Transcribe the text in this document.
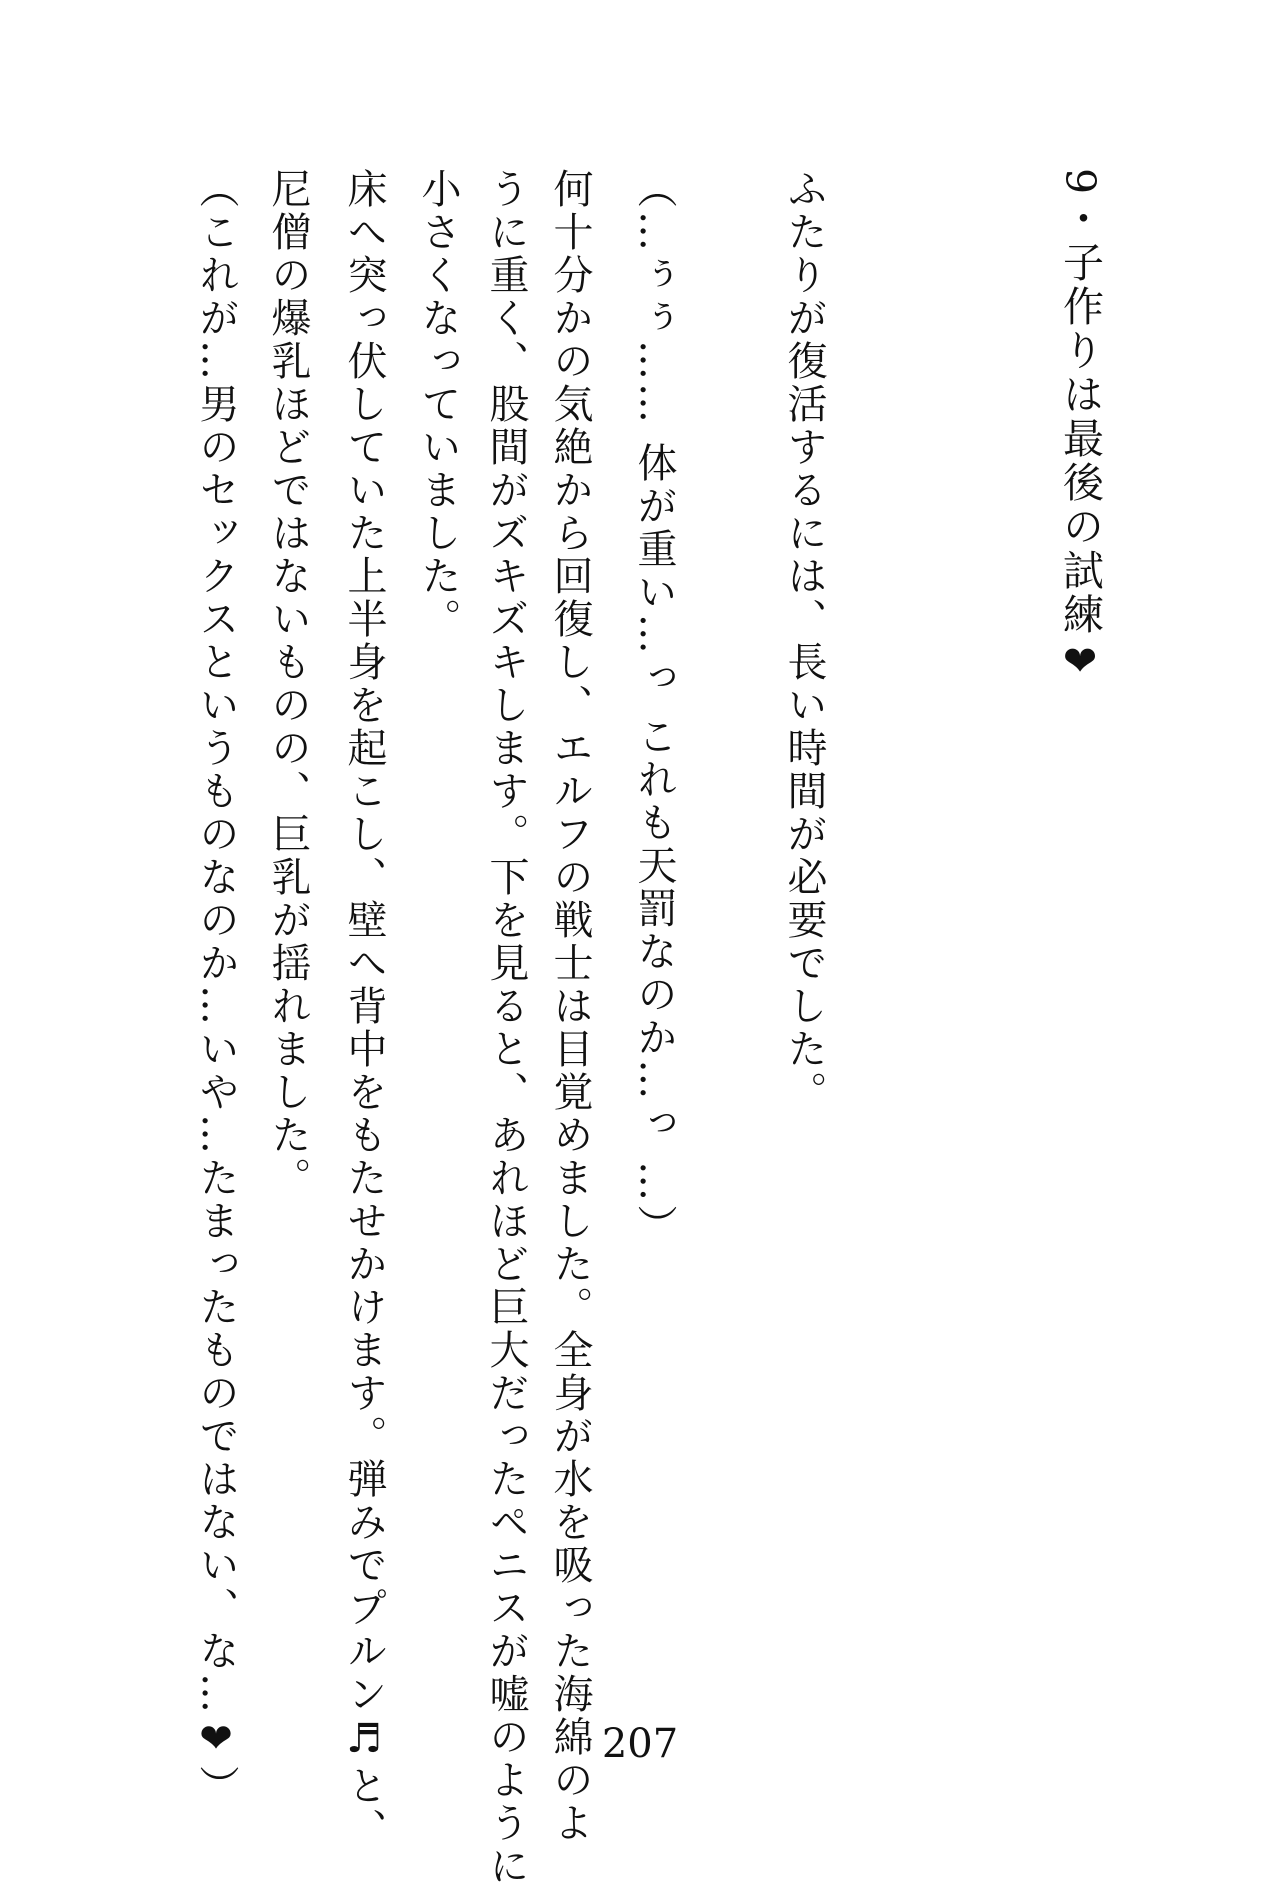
9・子作りは最後の試練❤
ふたりが復活するには、長い時間が必要でした。
（…ぅぅ…… 体が重い…っ これも天罰なのか…っ …）
何十分かの気絶から回復し、エルフの戦士は目覚めました。全身が水を吸った海綿のよ
うに重く、股間がズキズキします。下を見ると、あれほど巨大だったペニスが嘘のように
小さくなっていました。
床へ突っ伏していた上半身を起こし、壁へ背中をもたせかけます。弾みでプルン♬と、
尼僧の爆乳ほどではないものの、巨乳が揺れました。
（これが…男のセックスというものなのか…いや…たまったものではない、な…❤）	207
